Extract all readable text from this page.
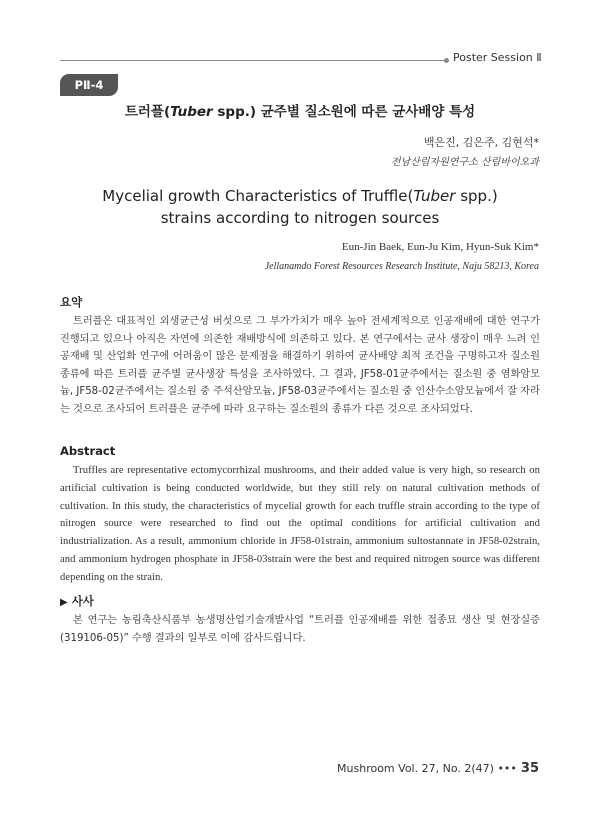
Poster Session Ⅱ
PⅡ-4
트러플(Tuber spp.) 균주별 질소원에 따른 균사배양 특성
백은진, 김은주, 김현석*
전남산림자원연구소 산림바이오과
Mycelial growth Characteristics of Truffle(Tuber spp.)
strains according to nitrogen sources
Eun-Jin Baek, Eun-Ju Kim, Hyun-Suk Kim*
Jellanamdo Forest Resources Research Institute, Naju 58213, Korea
요약

트러플은 대표적인 외생균근성 버섯으로 그 부가가치가 매우 높아 전세계적으로 인공재배에 대한 연구가 진행되고 있으나 아직은 자연에 의존한 재배방식에 의존하고 있다. 본 연구에서는 균사 생장이 매우 느려 인공재배 및 산업화 연구에 어려움이 많은 문제점을 해결하기 위하여 균사배양 최적 조건을 구명하고자 질소원 종류에 따른 트러플 균주별 균사생장 특성을 조사하였다. 그 결과, JF58-01균주에서는 질소원 중 염화암모늄, JF58-02균주에서는 질소원 중 주석산암모늄, JF58-03균주에서는 질소원 중 인산수소암모늄에서 잘 자라는 것으로 조사되어 트러플은 균주에 따라 요구하는 질소원의 종류가 다른 것으로 조사되었다.

Abstract

Truffles are representative ectomycorrhizal mushrooms, and their added value is very high, so research on artificial cultivation is being conducted worldwide, but they still rely on natural cultivation methods of cultivation. In this study, the characteristics of mycelial growth for each truffle strain according to the type of nitrogen source were researched to find out the optimal conditions for artificial cultivation and industrialization. As a result, ammonium chloride in JF58-01strain, ammonium sultostannate in JF58-02strain, and ammonium hydrogen phosphate in JF58-03strain were the best and required nitrogen source was different depending on the strain.

▶ 사사

본 연구는 농림축산식품부 농생명산업기술개발사업 “트러플 인공재배를 위한 접종묘 생산 및 현장실증(319106-05)” 수행 결과의 일부로 이에 감사드립니다.

Mushroom Vol. 27, No. 2(47) ••• 35
